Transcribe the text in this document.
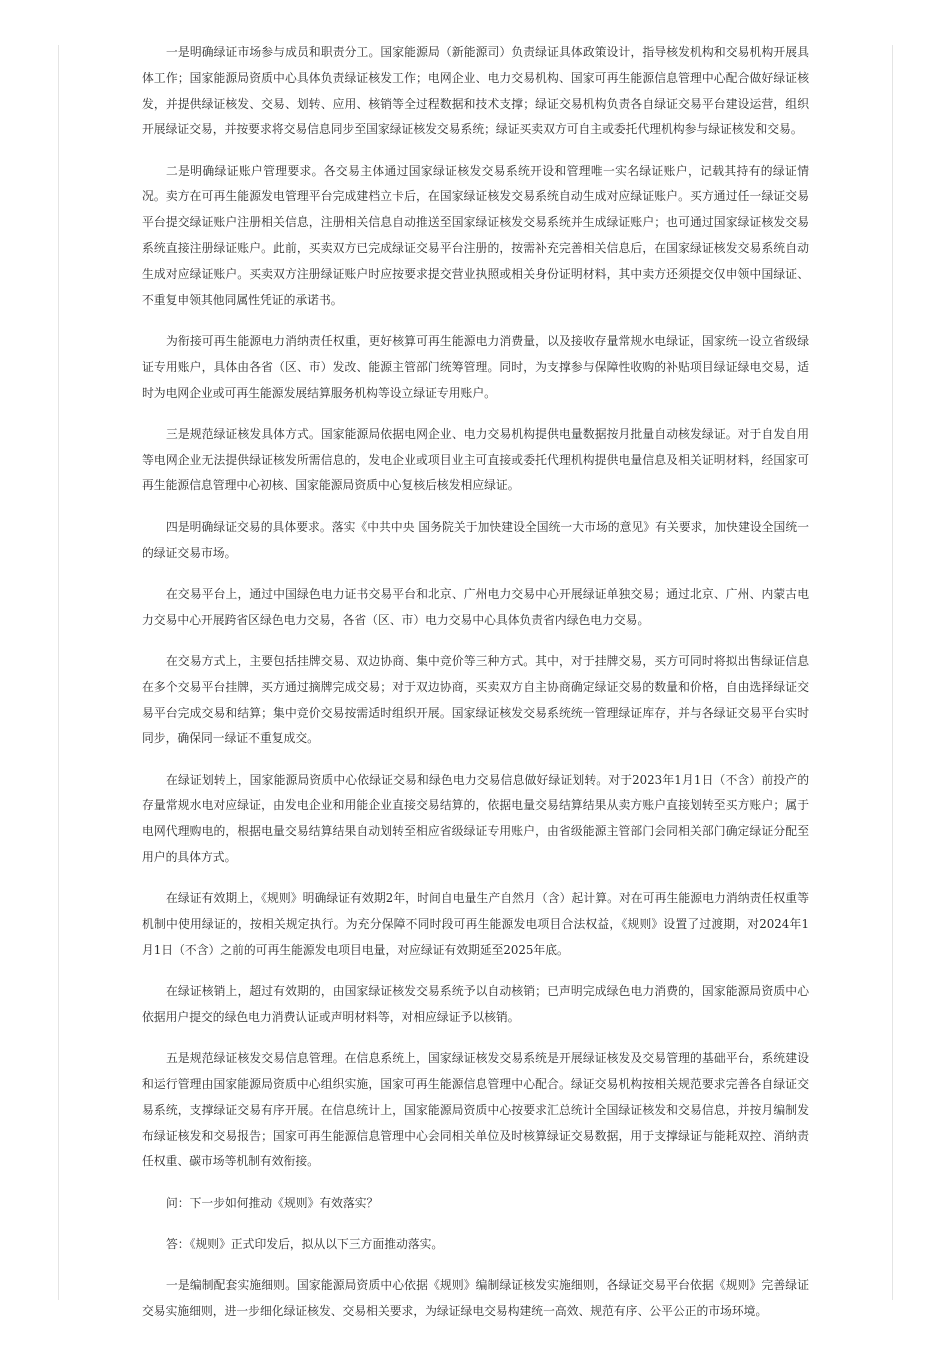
一是明确绿证市场参与成员和职责分工。国家能源局（新能源司）负责绿证具体政策设计，指导核发机构和交易机构开展具体工作；国家能源局资质中心具体负责绿证核发工作；电网企业、电力交易机构、国家可再生能源信息管理中心配合做好绿证核发，并提供绿证核发、交易、划转、应用、核销等全过程数据和技术支撑；绿证交易机构负责各自绿证交易平台建设运营，组织开展绿证交易，并按要求将交易信息同步至国家绿证核发交易系统；绿证买卖双方可自主或委托代理机构参与绿证核发和交易。

二是明确绿证账户管理要求。各交易主体通过国家绿证核发交易系统开设和管理唯一实名绿证账户，记载其持有的绿证情况。卖方在可再生能源发电管理平台完成建档立卡后，在国家绿证核发交易系统自动生成对应绿证账户。买方通过任一绿证交易平台提交绿证账户注册相关信息，注册相关信息自动推送至国家绿证核发交易系统并生成绿证账户；也可通过国家绿证核发交易系统直接注册绿证账户。此前，买卖双方已完成绿证交易平台注册的，按需补充完善相关信息后，在国家绿证核发交易系统自动生成对应绿证账户。买卖双方注册绿证账户时应按要求提交营业执照或相关身份证明材料，其中卖方还须提交仅申领中国绿证、不重复申领其他同属性凭证的承诺书。

为衔接可再生能源电力消纳责任权重，更好核算可再生能源电力消费量，以及接收存量常规水电绿证，国家统一设立省级绿证专用账户，具体由各省（区、市）发改、能源主管部门统筹管理。同时，为支撑参与保障性收购的补贴项目绿证绿电交易，适时为电网企业或可再生能源发展结算服务机构等设立绿证专用账户。

三是规范绿证核发具体方式。国家能源局依据电网企业、电力交易机构提供电量数据按月批量自动核发绿证。对于自发自用等电网企业无法提供绿证核发所需信息的，发电企业或项目业主可直接或委托代理机构提供电量信息及相关证明材料，经国家可再生能源信息管理中心初核、国家能源局资质中心复核后核发相应绿证。

四是明确绿证交易的具体要求。落实《中共中央 国务院关于加快建设全国统一大市场的意见》有关要求，加快建设全国统一的绿证交易市场。

在交易平台上，通过中国绿色电力证书交易平台和北京、广州电力交易中心开展绿证单独交易；通过北京、广州、内蒙古电力交易中心开展跨省区绿色电力交易，各省（区、市）电力交易中心具体负责省内绿色电力交易。

在交易方式上，主要包括挂牌交易、双边协商、集中竞价等三种方式。其中，对于挂牌交易，买方可同时将拟出售绿证信息在多个交易平台挂牌，买方通过摘牌完成交易；对于双边协商，买卖双方自主协商确定绿证交易的数量和价格，自由选择绿证交易平台完成交易和结算；集中竞价交易按需适时组织开展。国家绿证核发交易系统统一管理绿证库存，并与各绿证交易平台实时同步，确保同一绿证不重复成交。

在绿证划转上，国家能源局资质中心依绿证交易和绿色电力交易信息做好绿证划转。对于2023年1月1日（不含）前投产的存量常规水电对应绿证，由发电企业和用能企业直接交易结算的，依据电量交易结算结果从卖方账户直接划转至买方账户；属于电网代理购电的，根据电量交易结算结果自动划转至相应省级绿证专用账户，由省级能源主管部门会同相关部门确定绿证分配至用户的具体方式。

在绿证有效期上，《规则》明确绿证有效期2年，时间自电量生产自然月（含）起计算。对在可再生能源电力消纳责任权重等机制中使用绿证的，按相关规定执行。为充分保障不同时段可再生能源发电项目合法权益，《规则》设置了过渡期，对2024年1月1日（不含）之前的可再生能源发电项目电量，对应绿证有效期延至2025年底。

在绿证核销上，超过有效期的，由国家绿证核发交易系统予以自动核销；已声明完成绿色电力消费的，国家能源局资质中心依据用户提交的绿色电力消费认证或声明材料等，对相应绿证予以核销。

五是规范绿证核发交易信息管理。在信息系统上，国家绿证核发交易系统是开展绿证核发及交易管理的基础平台，系统建设和运行管理由国家能源局资质中心组织实施，国家可再生能源信息管理中心配合。绿证交易机构按相关规范要求完善各自绿证交易系统，支撑绿证交易有序开展。在信息统计上，国家能源局资质中心按要求汇总统计全国绿证核发和交易信息，并按月编制发布绿证核发和交易报告；国家可再生能源信息管理中心会同相关单位及时核算绿证交易数据，用于支撑绿证与能耗双控、消纳责任权重、碳市场等机制有效衔接。

问：下一步如何推动《规则》有效落实？

答：《规则》正式印发后，拟从以下三方面推动落实。

一是编制配套实施细则。国家能源局资质中心依据《规则》编制绿证核发实施细则，各绿证交易平台依据《规则》完善绿证交易实施细则，进一步细化绿证核发、交易相关要求，为绿证绿电交易构建统一高效、规范有序、公平公正的市场环境。
